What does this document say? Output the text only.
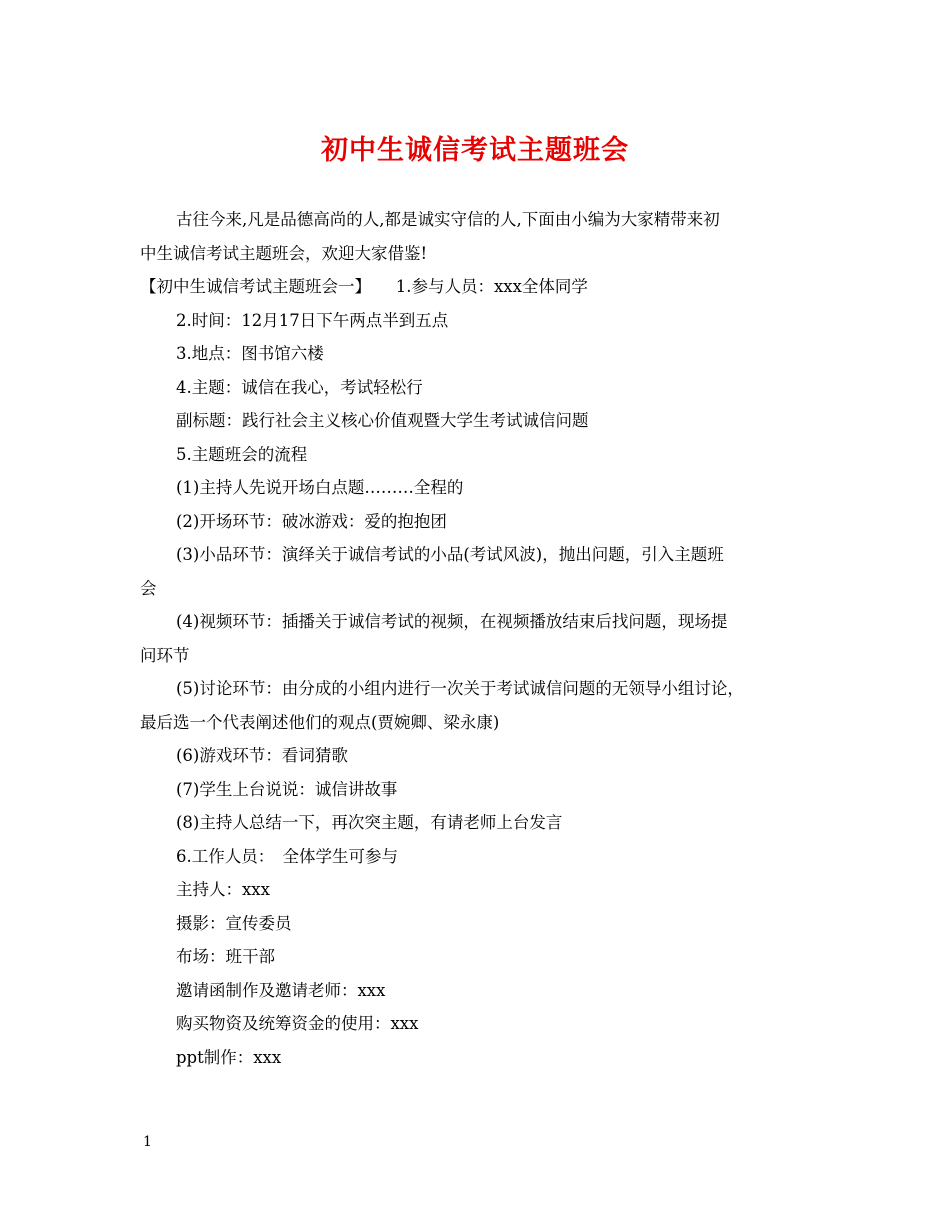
初中生诚信考试主题班会
古往今来,凡是品德高尚的人,都是诚实守信的人,下面由小编为大家精带来初
中生诚信考试主题班会，欢迎大家借鉴!
【初中生诚信考试主题班会一】　　1.参与人员：xxx全体同学
2.时间：12月17日下午两点半到五点
3.地点：图书馆六楼
4.主题：诚信在我心，考试轻松行
副标题：践行社会主义核心价值观暨大学生考试诚信问题
5.主题班会的流程
(1)主持人先说开场白点题………全程的
(2)开场环节：破冰游戏：爱的抱抱团
(3)小品环节：演绎关于诚信考试的小品(考试风波)，抛出问题，引入主题班
会
(4)视频环节：插播关于诚信考试的视频，在视频播放结束后找问题，现场提
问环节
(5)讨论环节：由分成的小组内进行一次关于考试诚信问题的无领导小组讨论，
最后选一个代表阐述他们的观点(贾婉卿、梁永康)
(6)游戏环节：看词猜歌
(7)学生上台说说：诚信讲故事
(8)主持人总结一下，再次突主题，有请老师上台发言
6.工作人员：　全体学生可参与
主持人：xxx
摄影：宣传委员
布场：班干部
邀请函制作及邀请老师：xxx
购买物资及统筹资金的使用：xxx
ppt制作：xxx
1
